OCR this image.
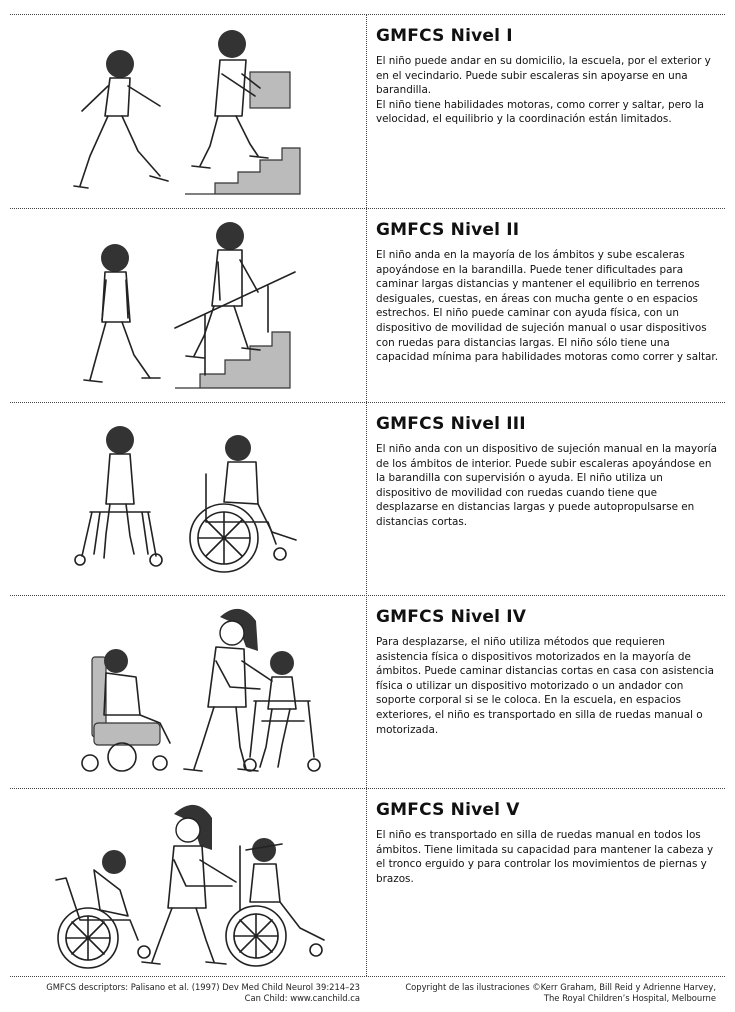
GMFCS Nivel I

El niño puede andar en su domicilio, la escuela, por el exterior y en el vecindario. Puede subir escaleras sin apoyarse en una barandilla.

El niño tiene habilidades motoras, como correr y saltar, pero la velocidad, el equilibrio y la coordinación están limitados.

GMFCS Nivel II

El niño anda en la mayoría de los ámbitos y sube escaleras apoyándose en la barandilla. Puede tener dificultades para caminar largas distancias y mantener el equilibrio en terrenos desiguales, cuestas, en áreas con mucha gente o en espacios estrechos. El niño puede caminar con ayuda física, con un dispositivo de movilidad de sujeción manual o usar dispositivos con ruedas para distancias largas. El niño sólo tiene una capacidad mínima para habilidades motoras como correr y saltar.

GMFCS Nivel III

El niño anda con un dispositivo de sujeción manual en la mayoría de los ámbitos de interior. Puede subir escaleras apoyándose en la barandilla con supervisión o ayuda. El niño utiliza un dispositivo de movilidad con ruedas cuando tiene que desplazarse en distancias largas y puede autopropulsarse en distancias cortas.

GMFCS Nivel IV

Para desplazarse, el niño utiliza métodos que requieren asistencia física o dispositivos motorizados en la mayoría de ámbitos. Puede caminar distancias cortas en casa con asistencia física o utilizar un dispositivo motorizado o un andador con soporte corporal si se le coloca. En la escuela, en espacios exteriores, el niño es transportado en silla de ruedas manual o motorizada.

GMFCS Nivel V

El niño es transportado en silla de ruedas manual en todos los ámbitos. Tiene limitada su capacidad para mantener la cabeza y el tronco erguido y para controlar los movimientos de piernas y brazos.

GMFCS descriptors: Palisano et al. (1997) Dev Med Child Neurol 39:214–23
Can Child: www.canchild.ca
Copyright de las ilustraciones ©Kerr Graham, Bill Reid y Adrienne Harvey,
The Royal Children’s Hospital, Melbourne
